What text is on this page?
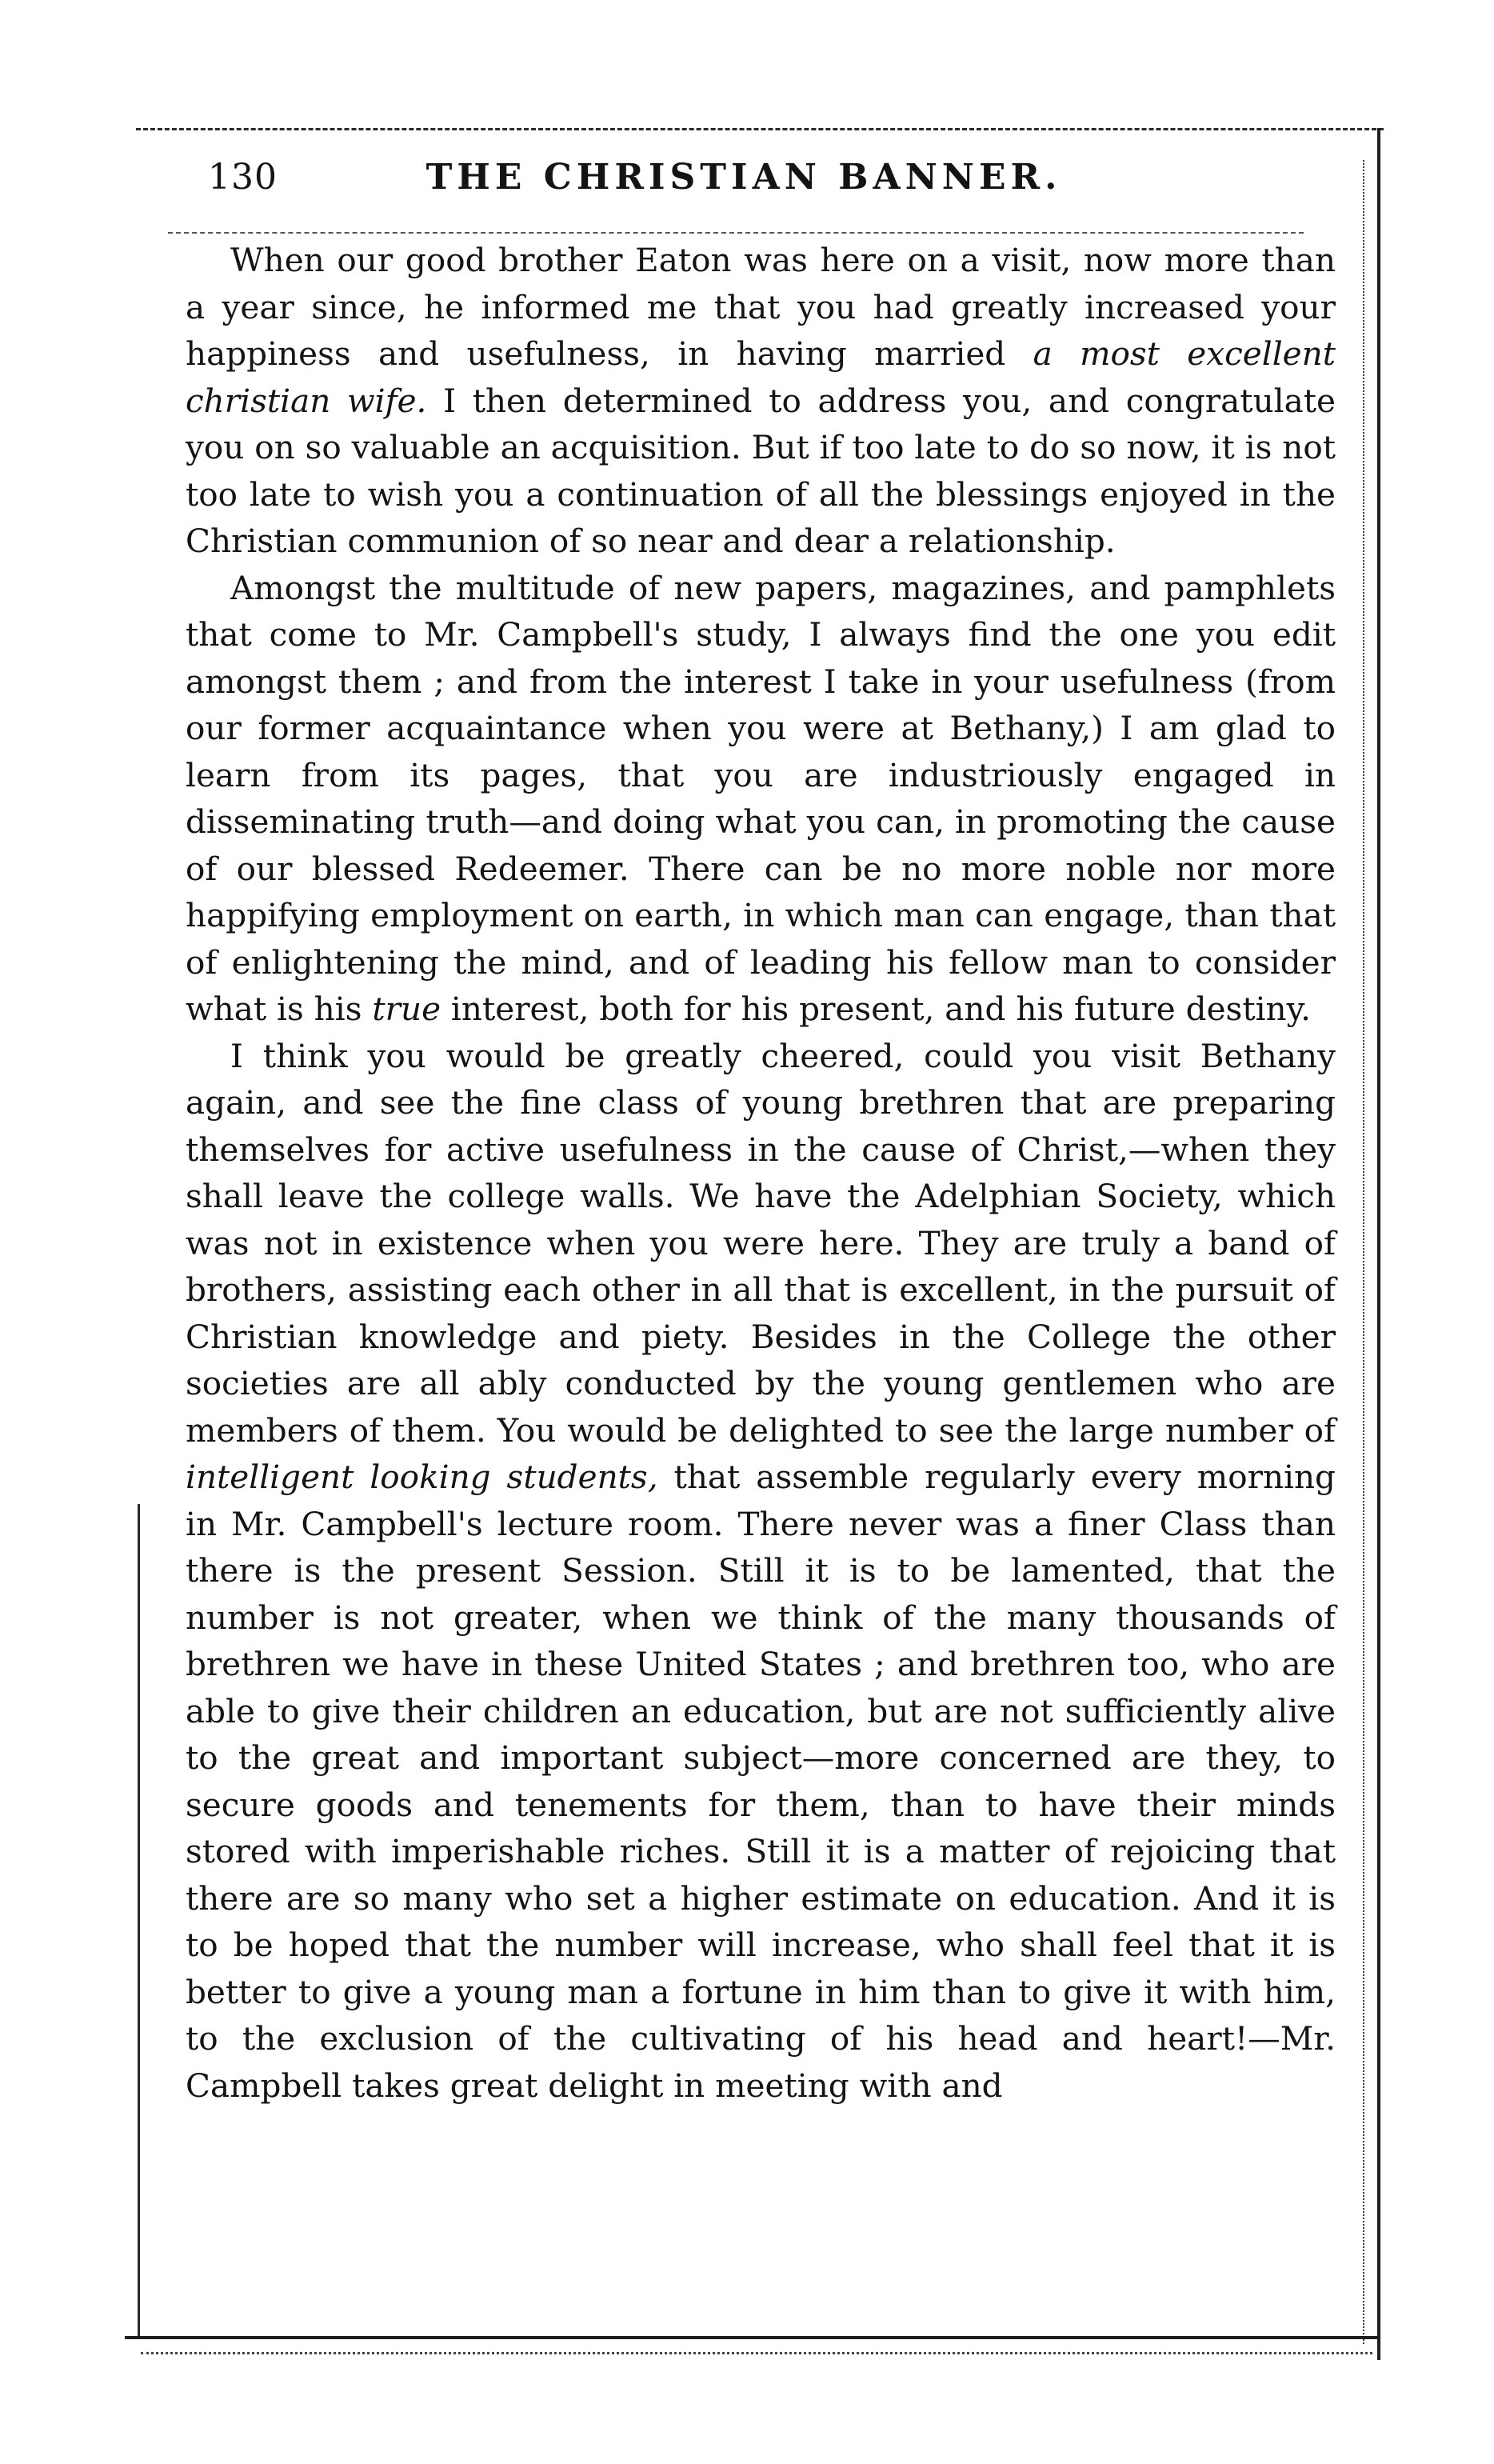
130	THE CHRISTIAN BANNER.

When our good brother Eaton was here on a visit, now more than a year since, he informed me that you had greatly increased your happiness and usefulness, in having married a most excellent christian wife. I then determined to address you, and congratulate you on so valuable an acquisition. But if too late to do so now, it is not too late to wish you a continuation of all the blessings enjoyed in the Christian communion of so near and dear a relationship.

Amongst the multitude of new papers, magazines, and pamphlets that come to Mr. Campbell's study, I always find the one you edit amongst them ; and from the interest I take in your usefulness (from our former acquaintance when you were at Bethany,) I am glad to learn from its pages, that you are industriously engaged in disseminating truth—and doing what you can, in promoting the cause of our blessed Redeemer. There can be no more noble nor more happifying employment on earth, in which man can engage, than that of enlightening the mind, and of leading his fellow man to consider what is his true interest, both for his present, and his future destiny.

I think you would be greatly cheered, could you visit Bethany again, and see the fine class of young brethren that are preparing themselves for active usefulness in the cause of Christ,—when they shall leave the college walls. We have the Adelphian Society, which was not in existence when you were here. They are truly a band of brothers, assisting each other in all that is excellent, in the pursuit of Christian knowledge and piety. Besides in the College the other societies are all ably conducted by the young gentlemen who are members of them. You would be delighted to see the large number of intelligent looking students, that assemble regularly every morning in Mr. Campbell's lecture room. There never was a finer Class than there is the present Session. Still it is to be lamented, that the number is not greater, when we think of the many thousands of brethren we have in these United States ; and brethren too, who are able to give their children an education, but are not sufficiently alive to the great and important subject—more concerned are they, to secure goods and tenements for them, than to have their minds stored with imperishable riches. Still it is a matter of rejoicing that there are so many who set a higher estimate on education. And it is to be hoped that the number will increase, who shall feel that it is better to give a young man a fortune in him than to give it with him, to the exclusion of the cultivating of his head and heart!—Mr. Campbell takes great delight in meeting with and
